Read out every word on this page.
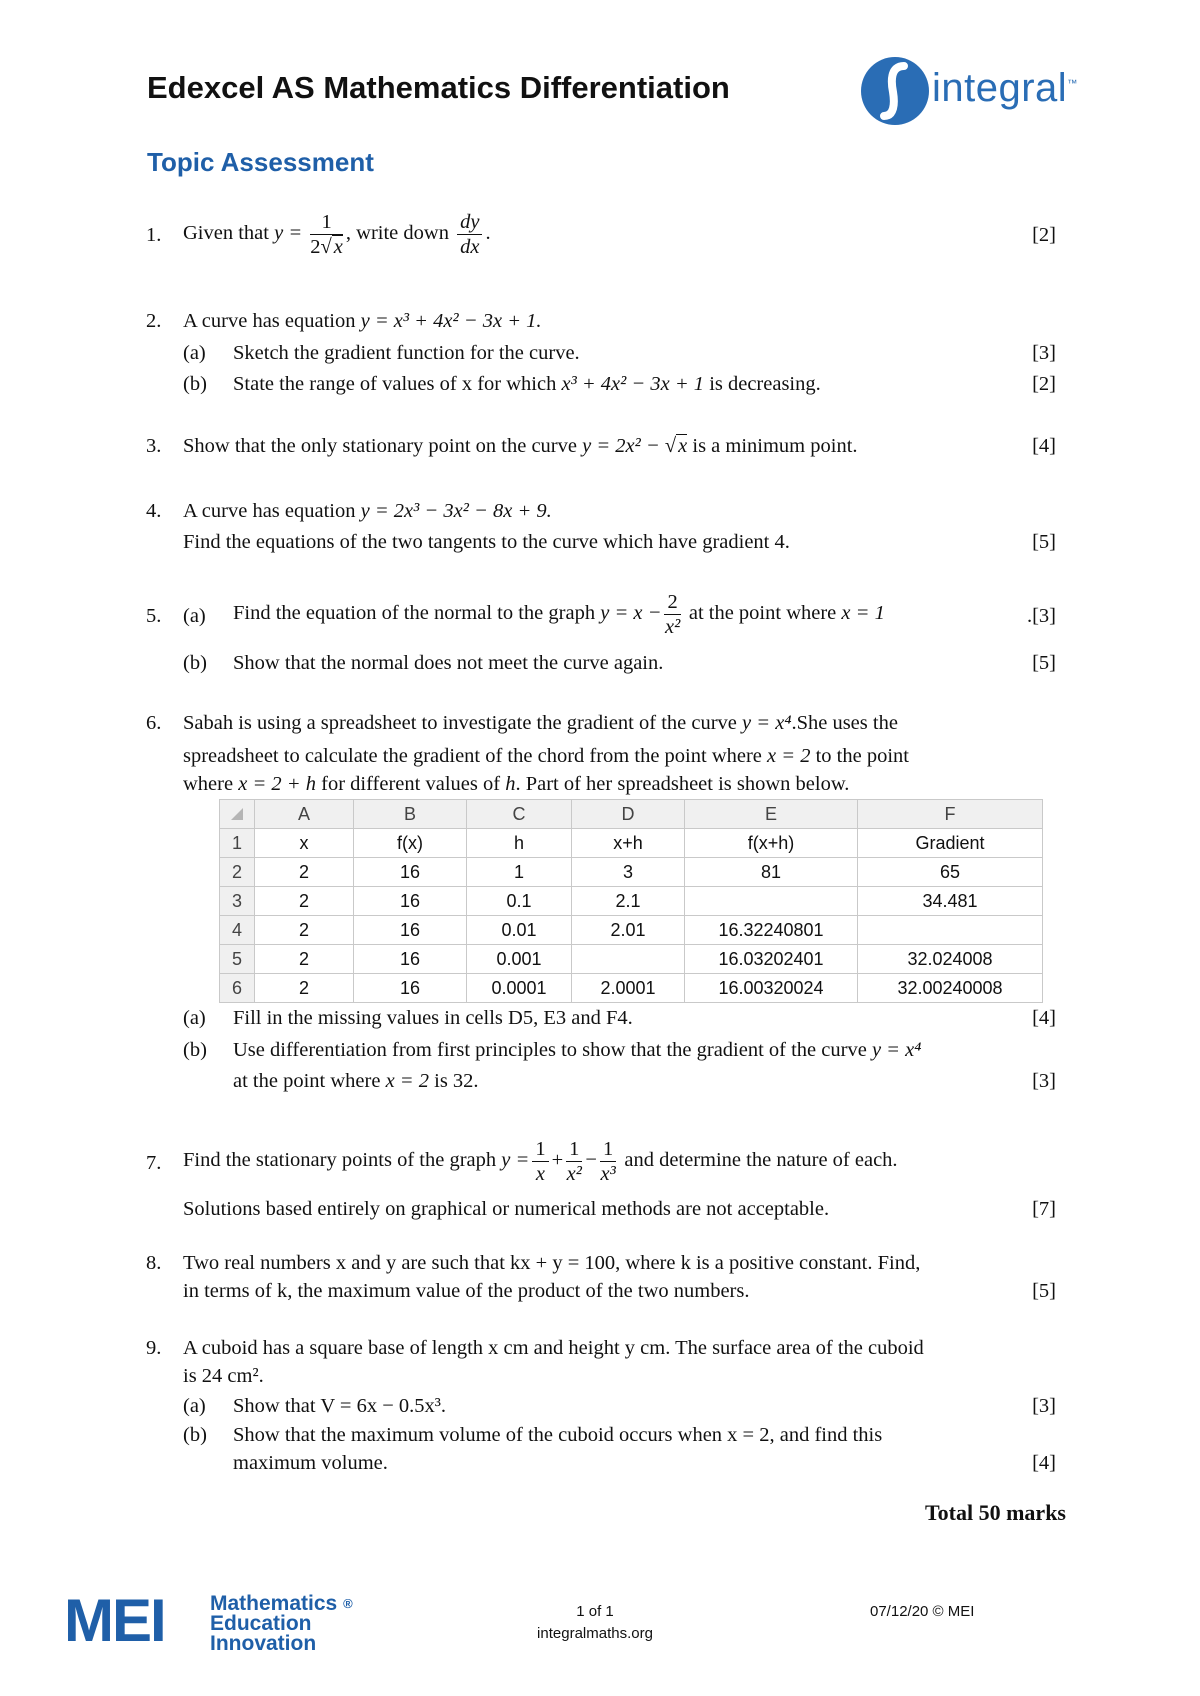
Edexcel AS Mathematics Differentiation	integral™
Topic Assessment
1. Given that $y = \frac{1}{2√x}$ , write down $\frac{dy}{dx}$ .	[2]
2. A curve has equation y = x³ + 4x² − 3x + 1.
(a) Sketch the gradient function for the curve.	[3]
(b) State the range of values of x for which x³ + 4x² − 3x + 1 is decreasing.	[2]
3. Show that the only stationary point on the curve y = 2x² − √x is a minimum point.	[4]
4. A curve has equation y = 2x³ − 3x² − 8x + 9.
Find the equations of the two tangents to the curve which have gradient 4.	[5]
5. (a) Find the equation of the normal to the graph $y = x - \frac{2}{\text{x²}}$ at the point where x = 1	.[3]
(b) Show that the normal does not meet the curve again.	[5]
6. Sabah is using a spreadsheet to investigate the gradient of the curve y = x⁴.She uses the
spreadsheet to calculate the gradient of the chord from the point where x = 2 to the point
where x = 2 + h for different values of h. Part of her spreadsheet is shown below.
	A	B	C	D	E	F
1	x	f(x)	h	x+h	f(x+h)	Gradient
2	2	16	1	3	81	65
3	2	16	0.1	2.1		34.481
4	2	16	0.01	2.01	16.32240801	
5	2	16	0.001		16.03202401	32.024008
6	2	16	0.0001	2.0001	16.00320024	32.00240008
(a) Fill in the missing values in cells D5, E3 and F4.	[4]
(b) Use differentiation from first principles to show that the gradient of the curve y = x⁴
at the point where x = 2 is 32.	[3]
7. Find the stationary points of the graph $y = \frac{1}{x} + \frac{1}{\text{x²}} - \frac{1}{\text{x³}}$ and determine the nature of each.
Solutions based entirely on graphical or numerical methods are not acceptable.	[7]
8. Two real numbers x and y are such that kx + y = 100, where k is a positive constant. Find,
in terms of k, the maximum value of the product of the two numbers.	[5]
9. A cuboid has a square base of length x cm and height y cm. The surface area of the cuboid
is 24 cm².
(a) Show that V = 6x − 0.5x³.	[3]
(b) Show that the maximum volume of the cuboid occurs when x = 2, and find this
maximum volume.	[4]
Total 50 marks
MEI Mathematics ®
Education
Innovation
1 of 1
integralmaths.org
07/12/20 © MEI
